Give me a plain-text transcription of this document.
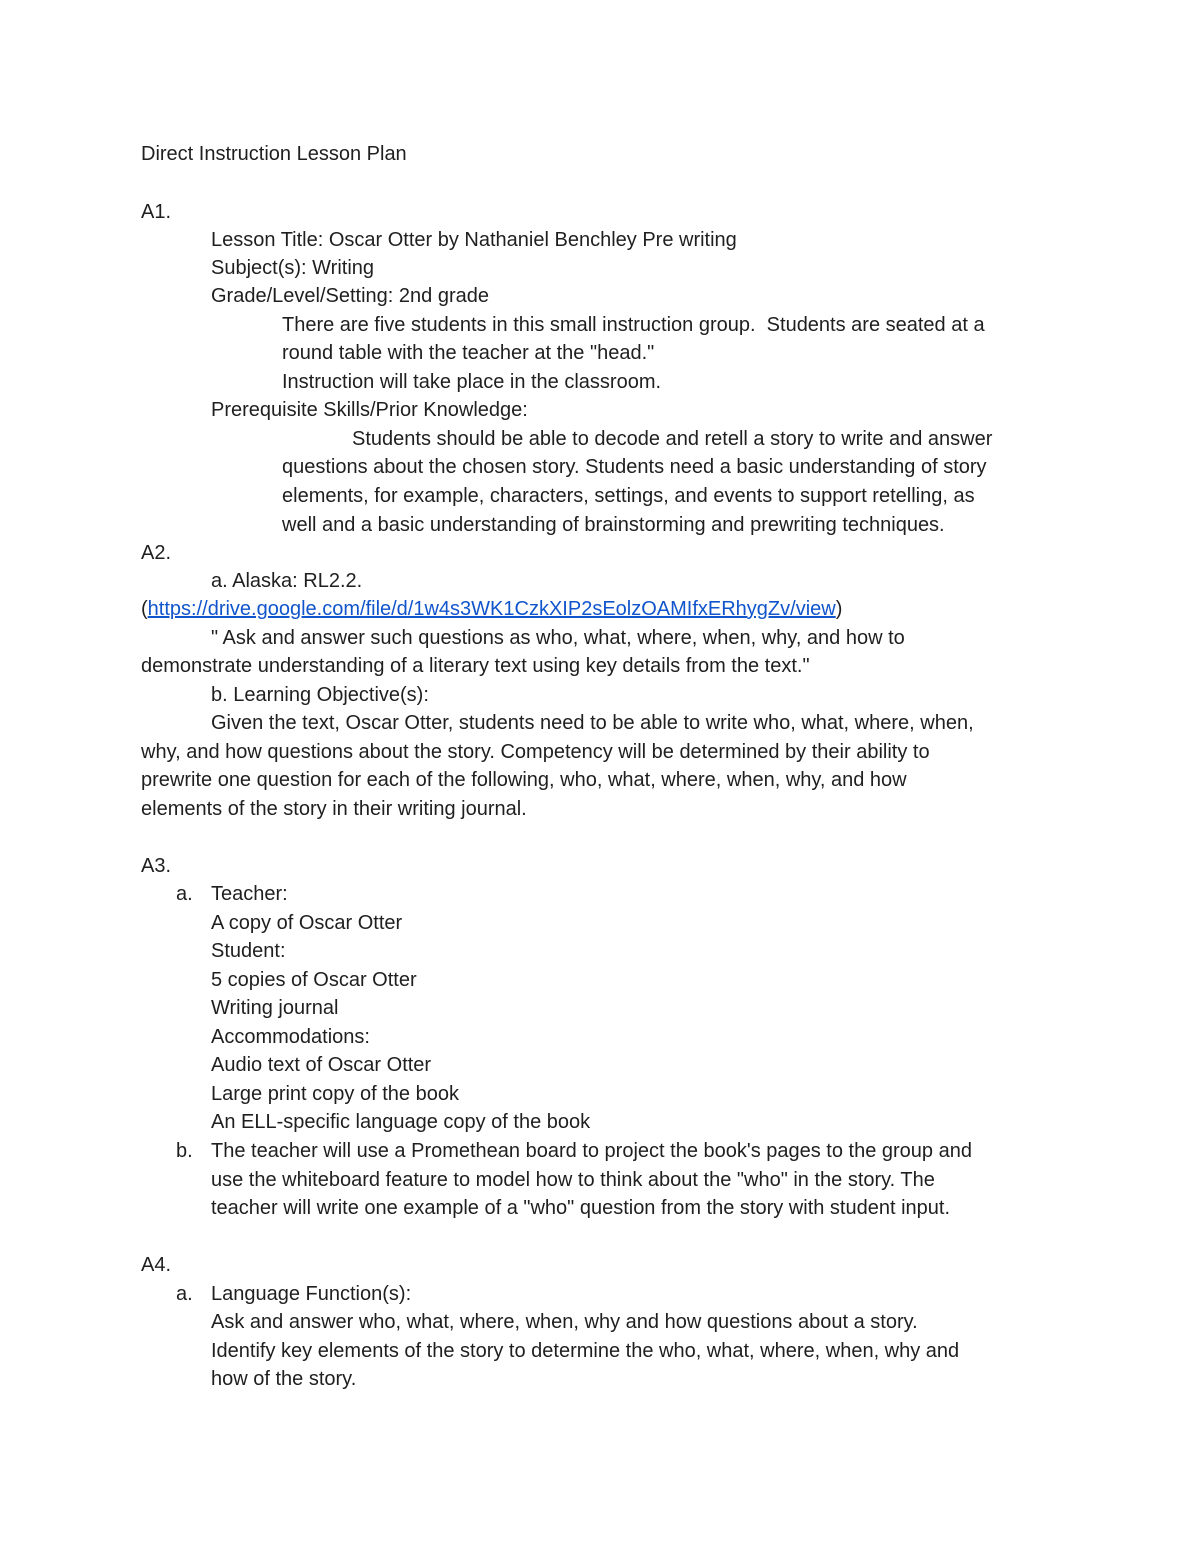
Direct Instruction Lesson Plan
A1.
Lesson Title: Oscar Otter by Nathaniel Benchley Pre writing
Subject(s): Writing
Grade/Level/Setting: 2nd grade
There are five students in this small instruction group.  Students are seated at a
round table with the teacher at the "head."
Instruction will take place in the classroom.
Prerequisite Skills/Prior Knowledge:
Students should be able to decode and retell a story to write and answer
questions about the chosen story. Students need a basic understanding of story
elements, for example, characters, settings, and events to support retelling, as
well and a basic understanding of brainstorming and prewriting techniques.
A2.
a. Alaska: RL2.2.
(https://drive.google.com/file/d/1w4s3WK1CzkXIP2sEolzOAMIfxERhygZv/view)
" Ask and answer such questions as who, what, where, when, why, and how to
demonstrate understanding of a literary text using key details from the text."
b. Learning Objective(s):
Given the text, Oscar Otter, students need to be able to write who, what, where, when,
why, and how questions about the story. Competency will be determined by their ability to
prewrite one question for each of the following, who, what, where, when, why, and how
elements of the story in their writing journal.
A3.
a. Teacher:
A copy of Oscar Otter
Student:
5 copies of Oscar Otter
Writing journal
Accommodations:
Audio text of Oscar Otter
Large print copy of the book
An ELL-specific language copy of the book
b. The teacher will use a Promethean board to project the book's pages to the group and
use the whiteboard feature to model how to think about the "who" in the story. The
teacher will write one example of a "who" question from the story with student input.
A4.
a. Language Function(s):
Ask and answer who, what, where, when, why and how questions about a story.
Identify key elements of the story to determine the who, what, where, when, why and
how of the story.
